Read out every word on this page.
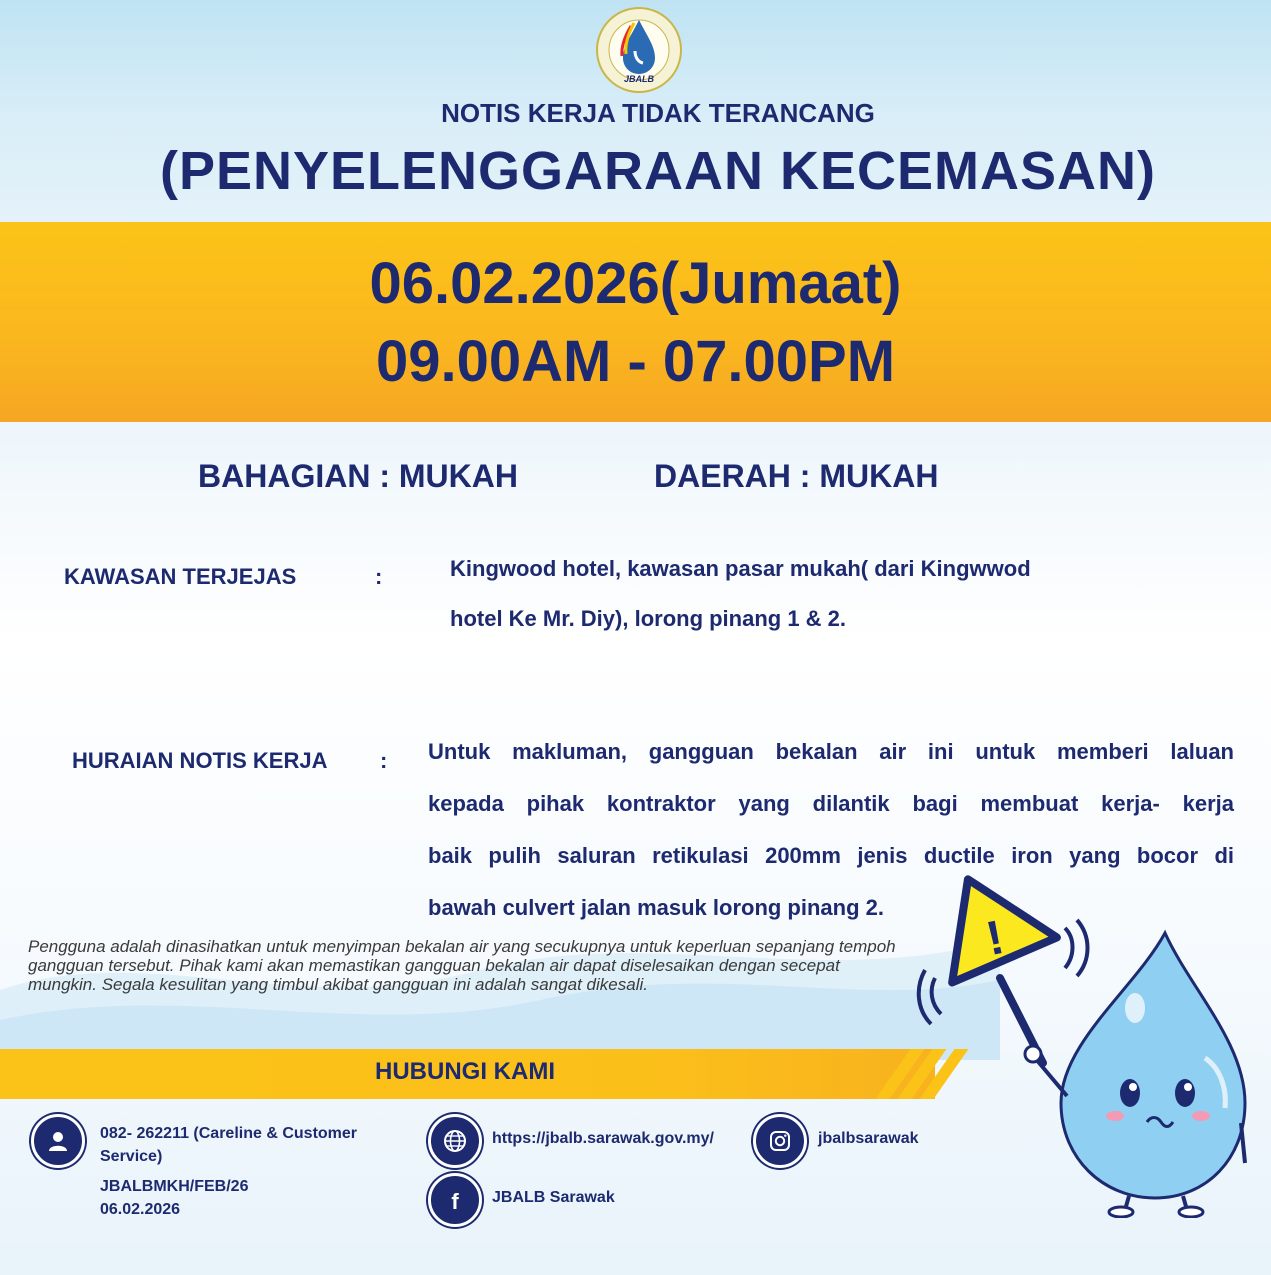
JBALB
NOTIS KERJA TIDAK TERANCANG
(PENYELENGGARAAN KECEMASAN)
06.02.2026(Jumaat)
09.00AM - 07.00PM
BAHAGIAN : MUKAH	DAERAH : MUKAH
KAWASAN TERJEJAS	:	Kingwood hotel, kawasan pasar mukah( dari Kingwwod
hotel Ke Mr. Diy), lorong pinang 1 & 2.
HURAIAN NOTIS KERJA : Untuk makluman, gangguan bekalan air ini untuk memberi laluan
kepada pihak kontraktor yang dilantik bagi membuat kerja- kerja
baik pulih saluran retikulasi 200mm jenis ductile iron yang bocor di
bawah culvert jalan masuk lorong pinang 2.
Pengguna adalah dinasihatkan untuk menyimpan bekalan air yang secukupnya untuk keperluan sepanjang tempoh gangguan tersebut. Pihak kami akan memastikan gangguan bekalan air dapat diselesaikan dengan secepat mungkin. Segala kesulitan yang timbul akibat gangguan ini adalah sangat dikesali.
HUBUNGI KAMI
082- 262211 (Careline & Customer Service)
JBALBMKH/FEB/26
06.02.2026
https://jbalb.sarawak.gov.my/
f JBALB Sarawak
jbalbsarawak
!
